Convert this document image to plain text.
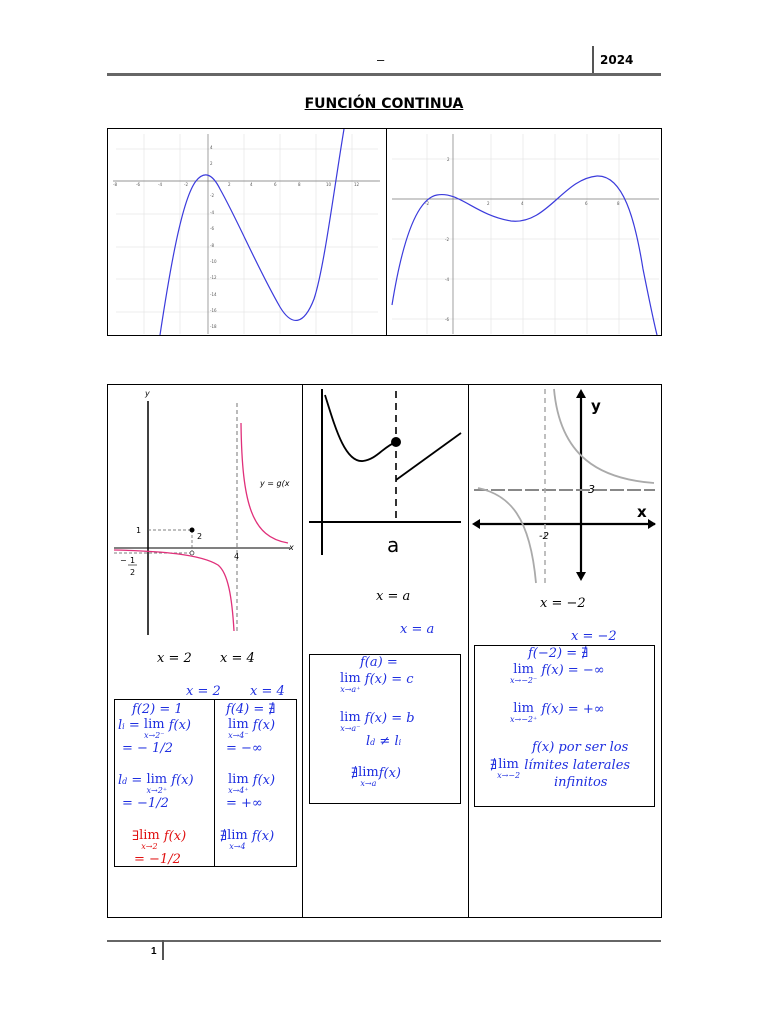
–	2024
FUNCIÓN CONTINUA
-8	-6	-4	-2	2	4	6	8	10	12
4
2
-2
-4
-6
-8
-10
-12
-14
-16
-18
-2	2	4	6	8
2
-2
-4
-6
y
x
y = g(x
1
2
4
− 1
2
x = 2 x = 4
x = 2 x = 4
f(2) = 1
li = lim
x→2⁻
f(x)
= − 1/2
ld = lim
x→2⁺
f(x)
= −1/2
∃ lim
x→2
f(x)
= −1/2
f(4) = ∄
lim
x→4⁻
f(x)
= −∞
lim
x→4⁺
f(x)
= +∞
∄ lim
x→4
f(x)
a
x = a
x = a
f(a) =
lim
x→a⁺
f(x) = c
lim
x→a⁻
f(x) = b
ld ≠ li
∄ lim
x→a
f(x)
y
x
3
-2
x = −2
x = −2
f(−2) = ∄
lim
x→−2⁻
f(x) = −∞
lim
x→−2⁺
f(x) = +∞
f(x) por ser los
∄ lim
x→−2
límites laterales
infinitos
1
